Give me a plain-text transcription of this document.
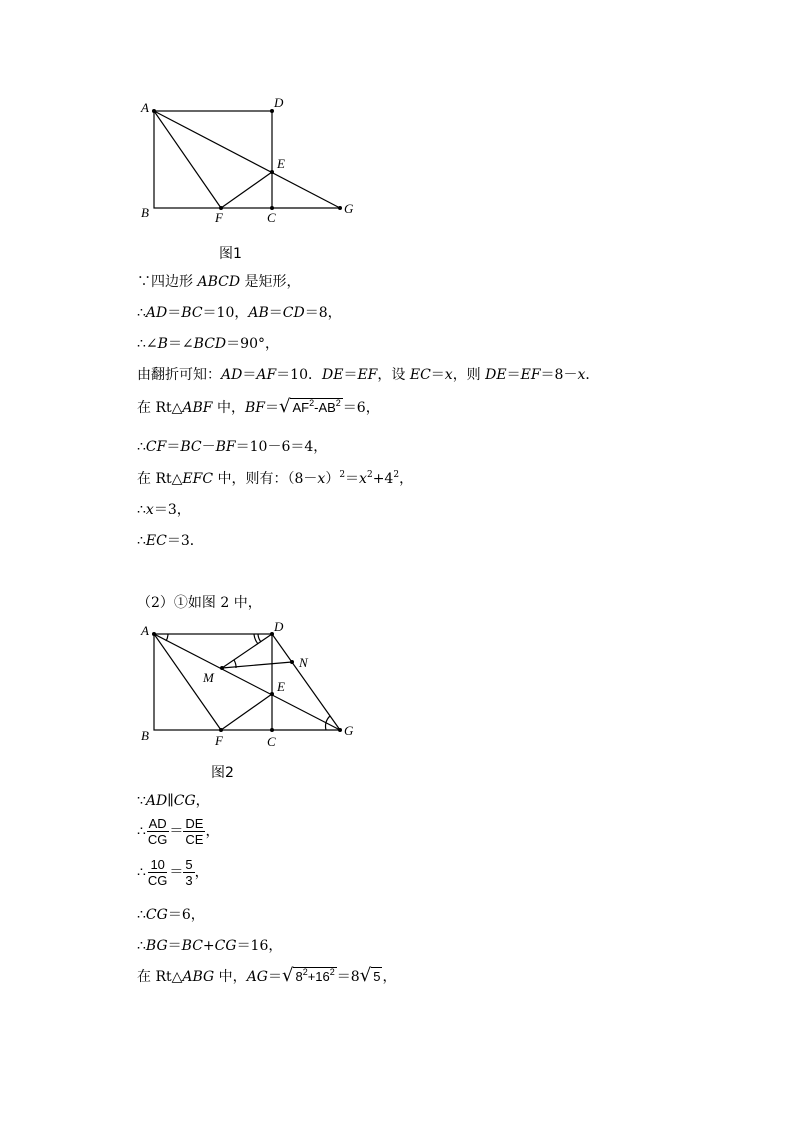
A	D
E
B	F	C
G
图1
∵四边形 ABCD 是矩形，
∴AD＝BC＝10，AB＝CD＝8，
∴∠B＝∠BCD＝90°，
由翻折可知：AD＝AF＝10．DE＝EF，设 EC＝x，则 DE＝EF＝8－x．
在 Rt△ABF 中，BF＝√ $AF^2-AB^2 =6$，
∴CF＝BC－BF＝10－6＝4，
在 Rt△EFC 中，则有：$(8-x)^2=x^2+4^2$，
∴x＝3，
∴EC＝3．
（2）①如图 2 中，
A	D
E
N
M
B	F	C
G
图2
∵AD∥CG，
∴ $\frac{AD}{CG} = \frac{DE}{CE}$ ，
∴ $\frac{10}{CG} = \frac{5}{3}$ ，
∴CG＝6，
∴BG＝BC+CG＝16，
在 Rt△ABG 中，AG＝√ $8^2+16^2 =8√$ 5 ，
